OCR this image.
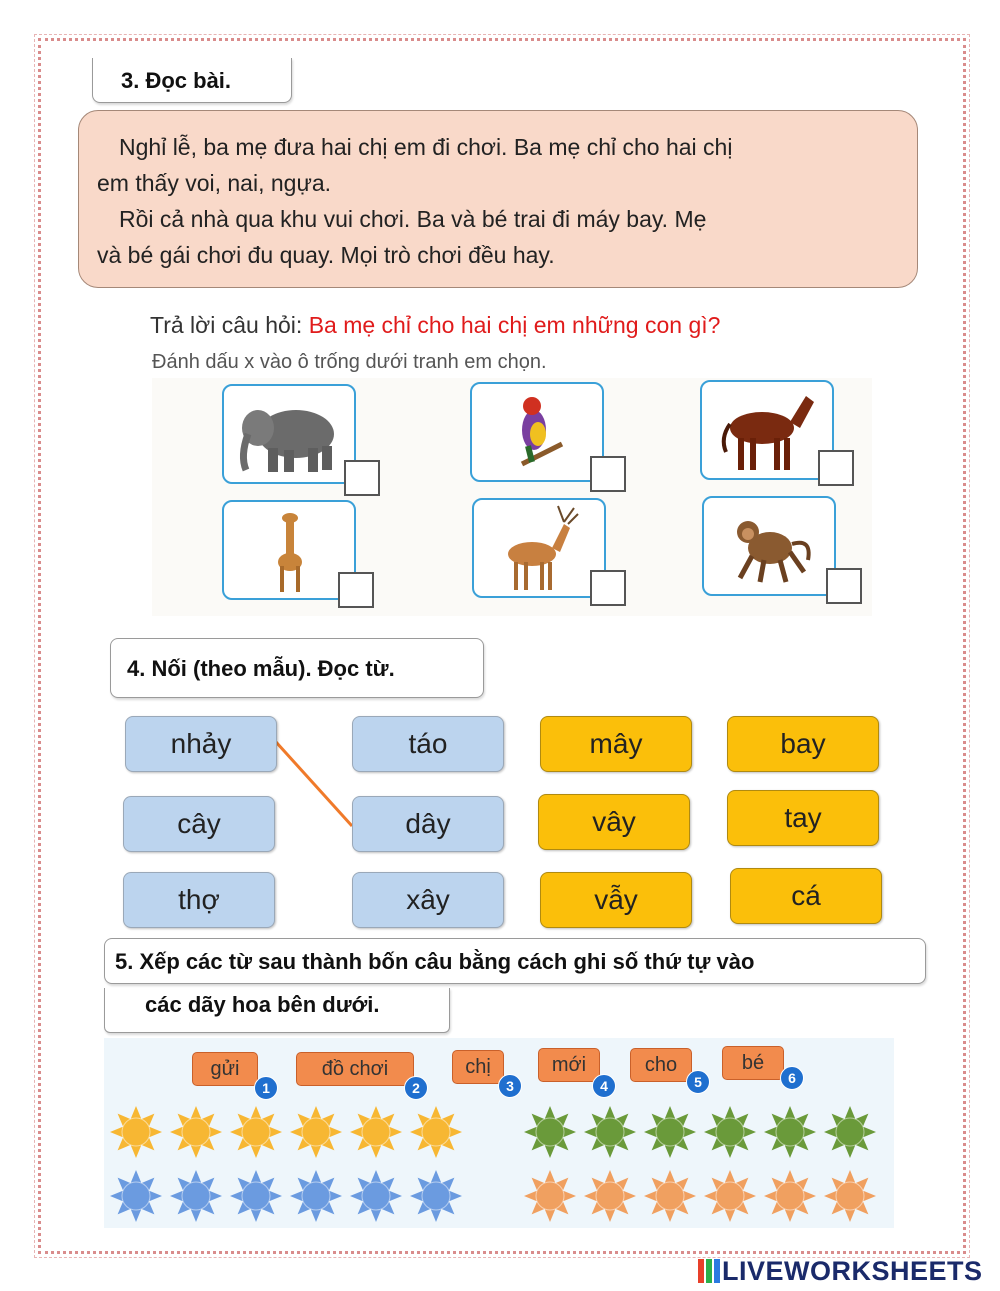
3. Đọc bài.

Nghỉ lễ, ba mẹ đưa hai chị em đi chơi. Ba mẹ chỉ cho hai chị

em thấy voi, nai, ngựa.

Rồi cả nhà qua khu vui chơi. Ba và bé trai đi máy bay. Mẹ

và bé gái chơi đu quay. Mọi trò chơi đều hay.

Trả lời câu hỏi: Ba mẹ chỉ cho hai chị em những con gì?
Đánh dấu x vào ô trống dưới tranh em chọn.
4. Nối (theo mẫu). Đọc từ.
nhảy
cây
thợ
táo
dây
xây
mây
vây
vẫy
bay
tay
cá
5. Xếp các từ sau thành bốn câu bằng cách ghi số thứ tự vào
các dãy hoa bên dưới.
gửi
1
đồ chơi
2
chị
3
mới
4
cho
5
bé
6
LIVEWORKSHEETS
